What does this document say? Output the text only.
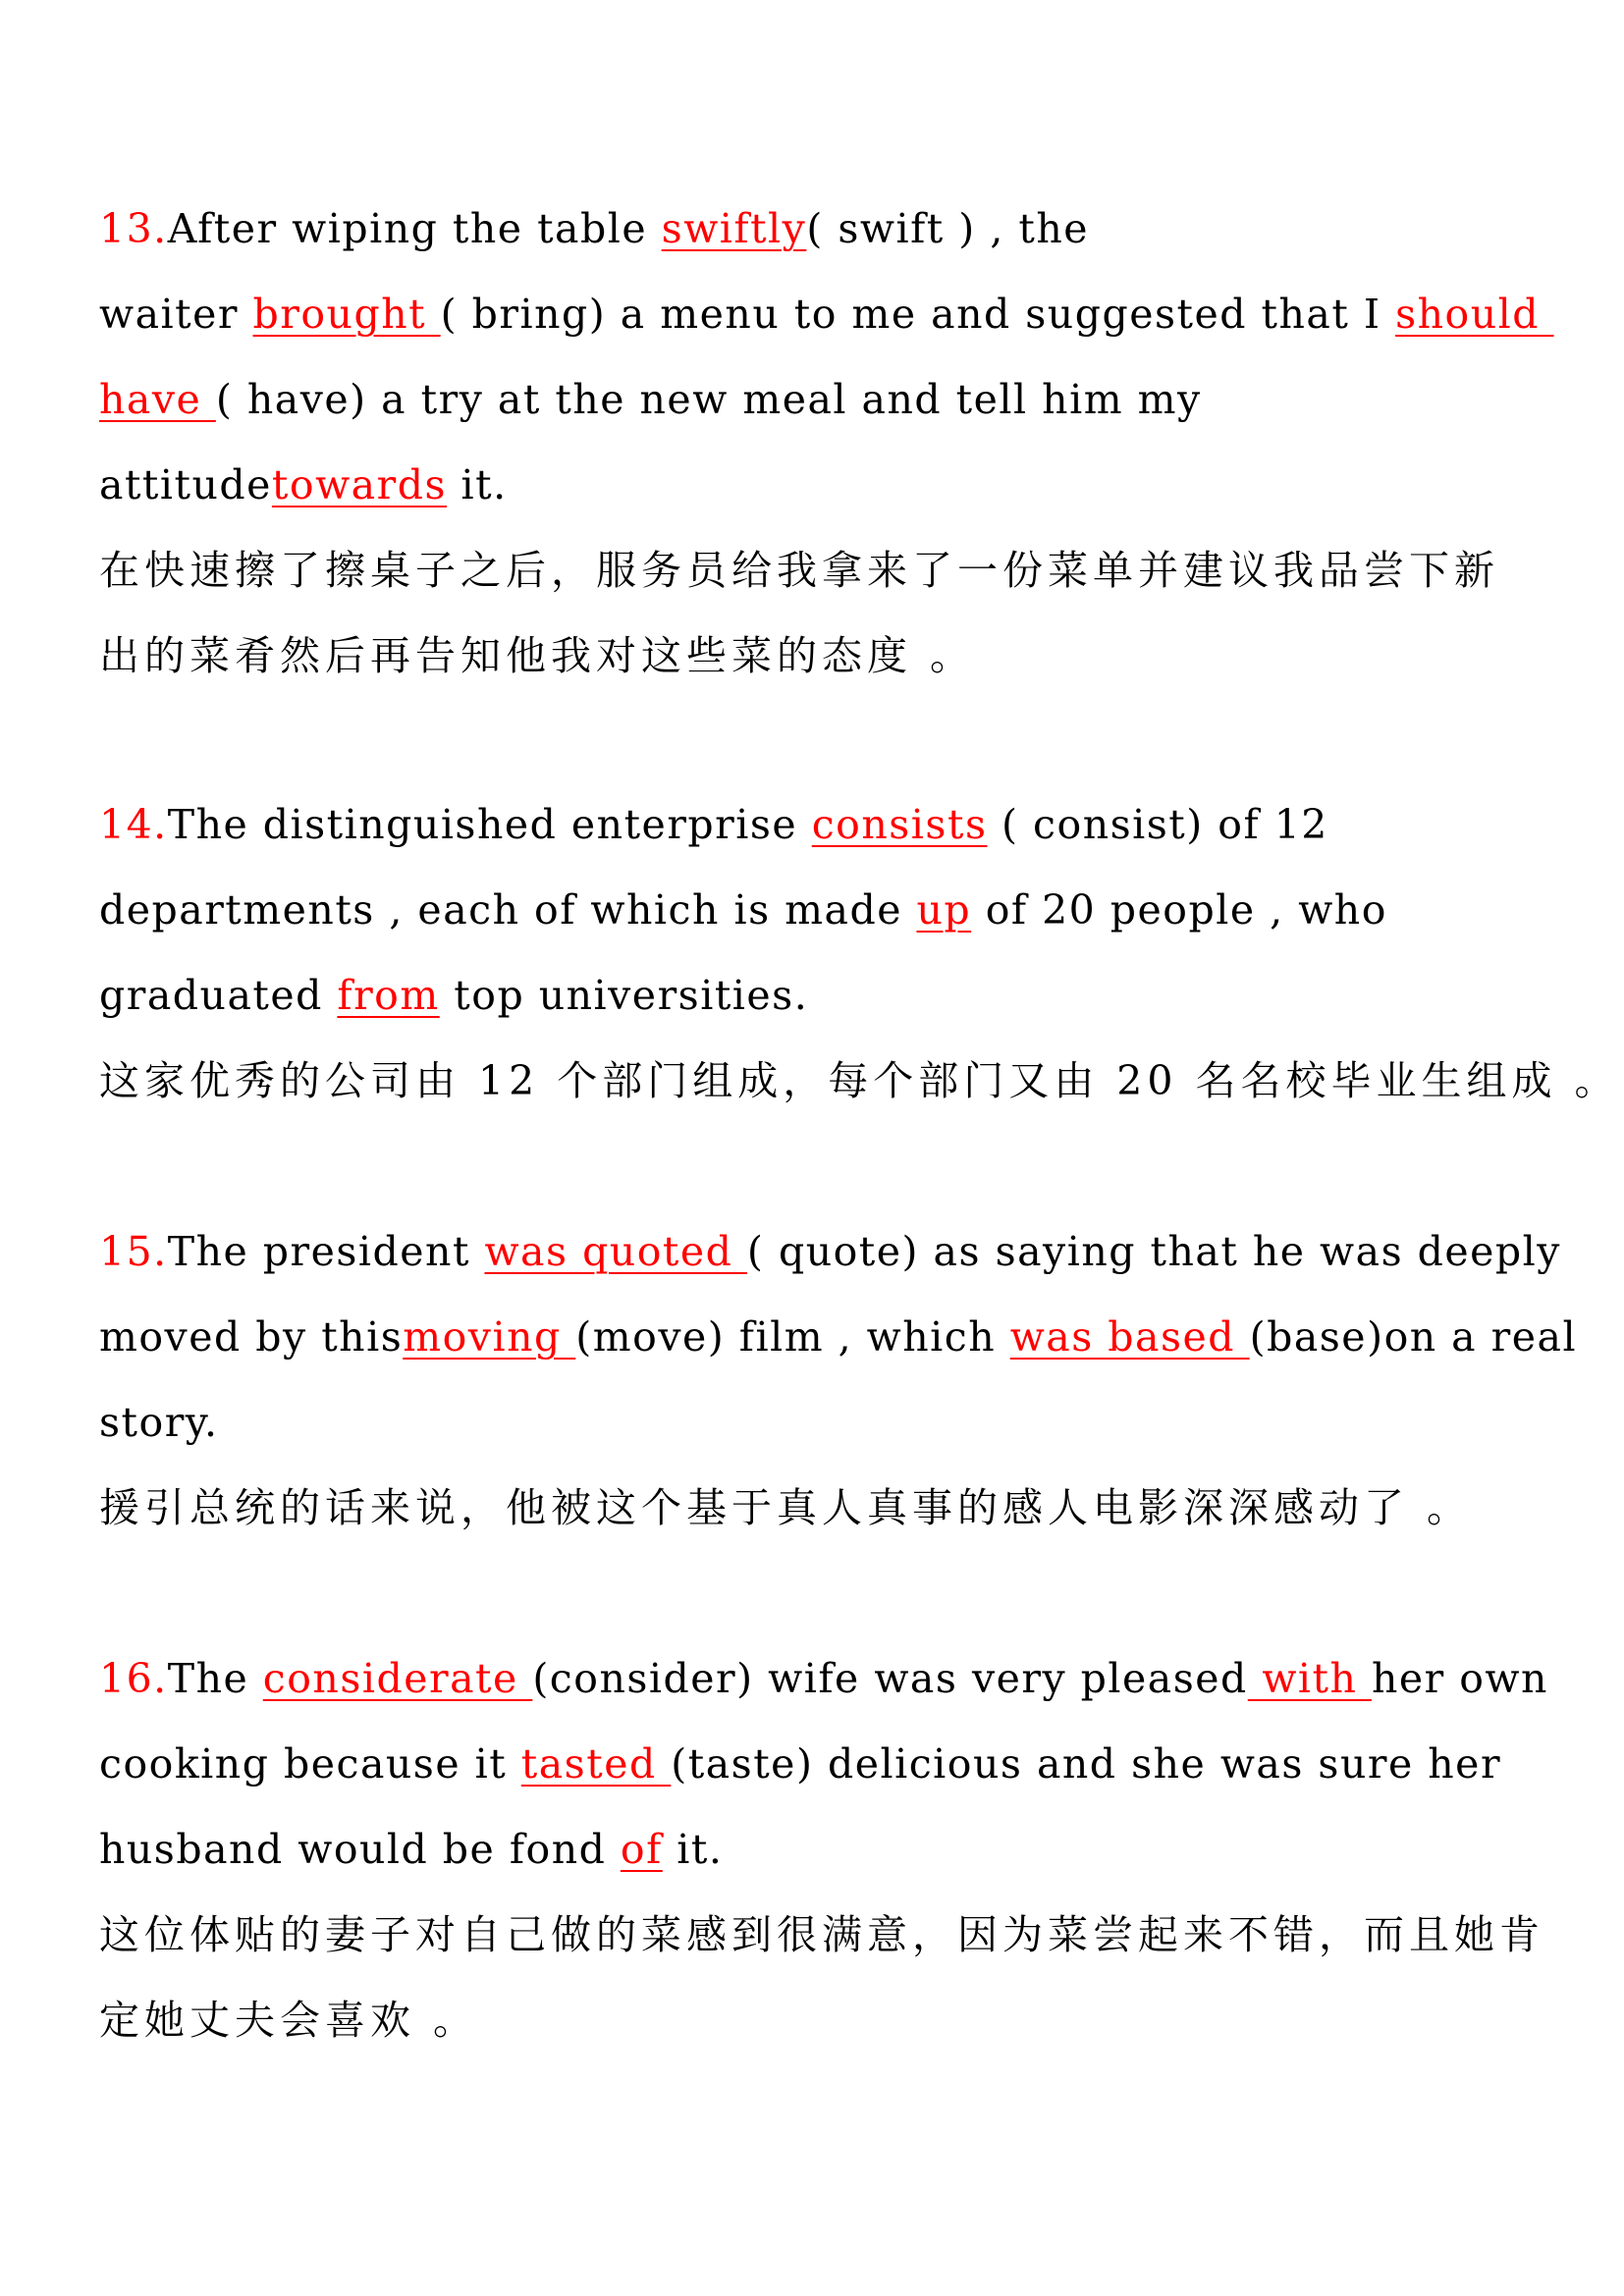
13.After wiping the table swiftly( swift ) , the
waiter brought ( bring) a menu to me and suggested that I should
have ( have) a try at the new meal and tell him my
attitudetowards it.
在快速擦了擦桌子之后，服务员给我拿来了一份菜单并建议我品尝下新
出的菜肴然后再告知他我对这些菜的态度 。
14.The distinguished enterprise consists ( consist) of 12
departments , each of which is made up of 20 people , who
graduated from top universities.
这家优秀的公司由 12 个部门组成，每个部门又由 20 名名校毕业生组成 。
15.The president was quoted ( quote) as saying that he was deeply
moved by thismoving (move) film , which was based (base)on a real
story.
援引总统的话来说，他被这个基于真人真事的感人电影深深感动了 。
16.The considerate (consider) wife was very pleased with her own
cooking because it tasted (taste) delicious and she was sure her
husband would be fond of it.
这位体贴的妻子对自己做的菜感到很满意，因为菜尝起来不错，而且她肯
定她丈夫会喜欢 。
